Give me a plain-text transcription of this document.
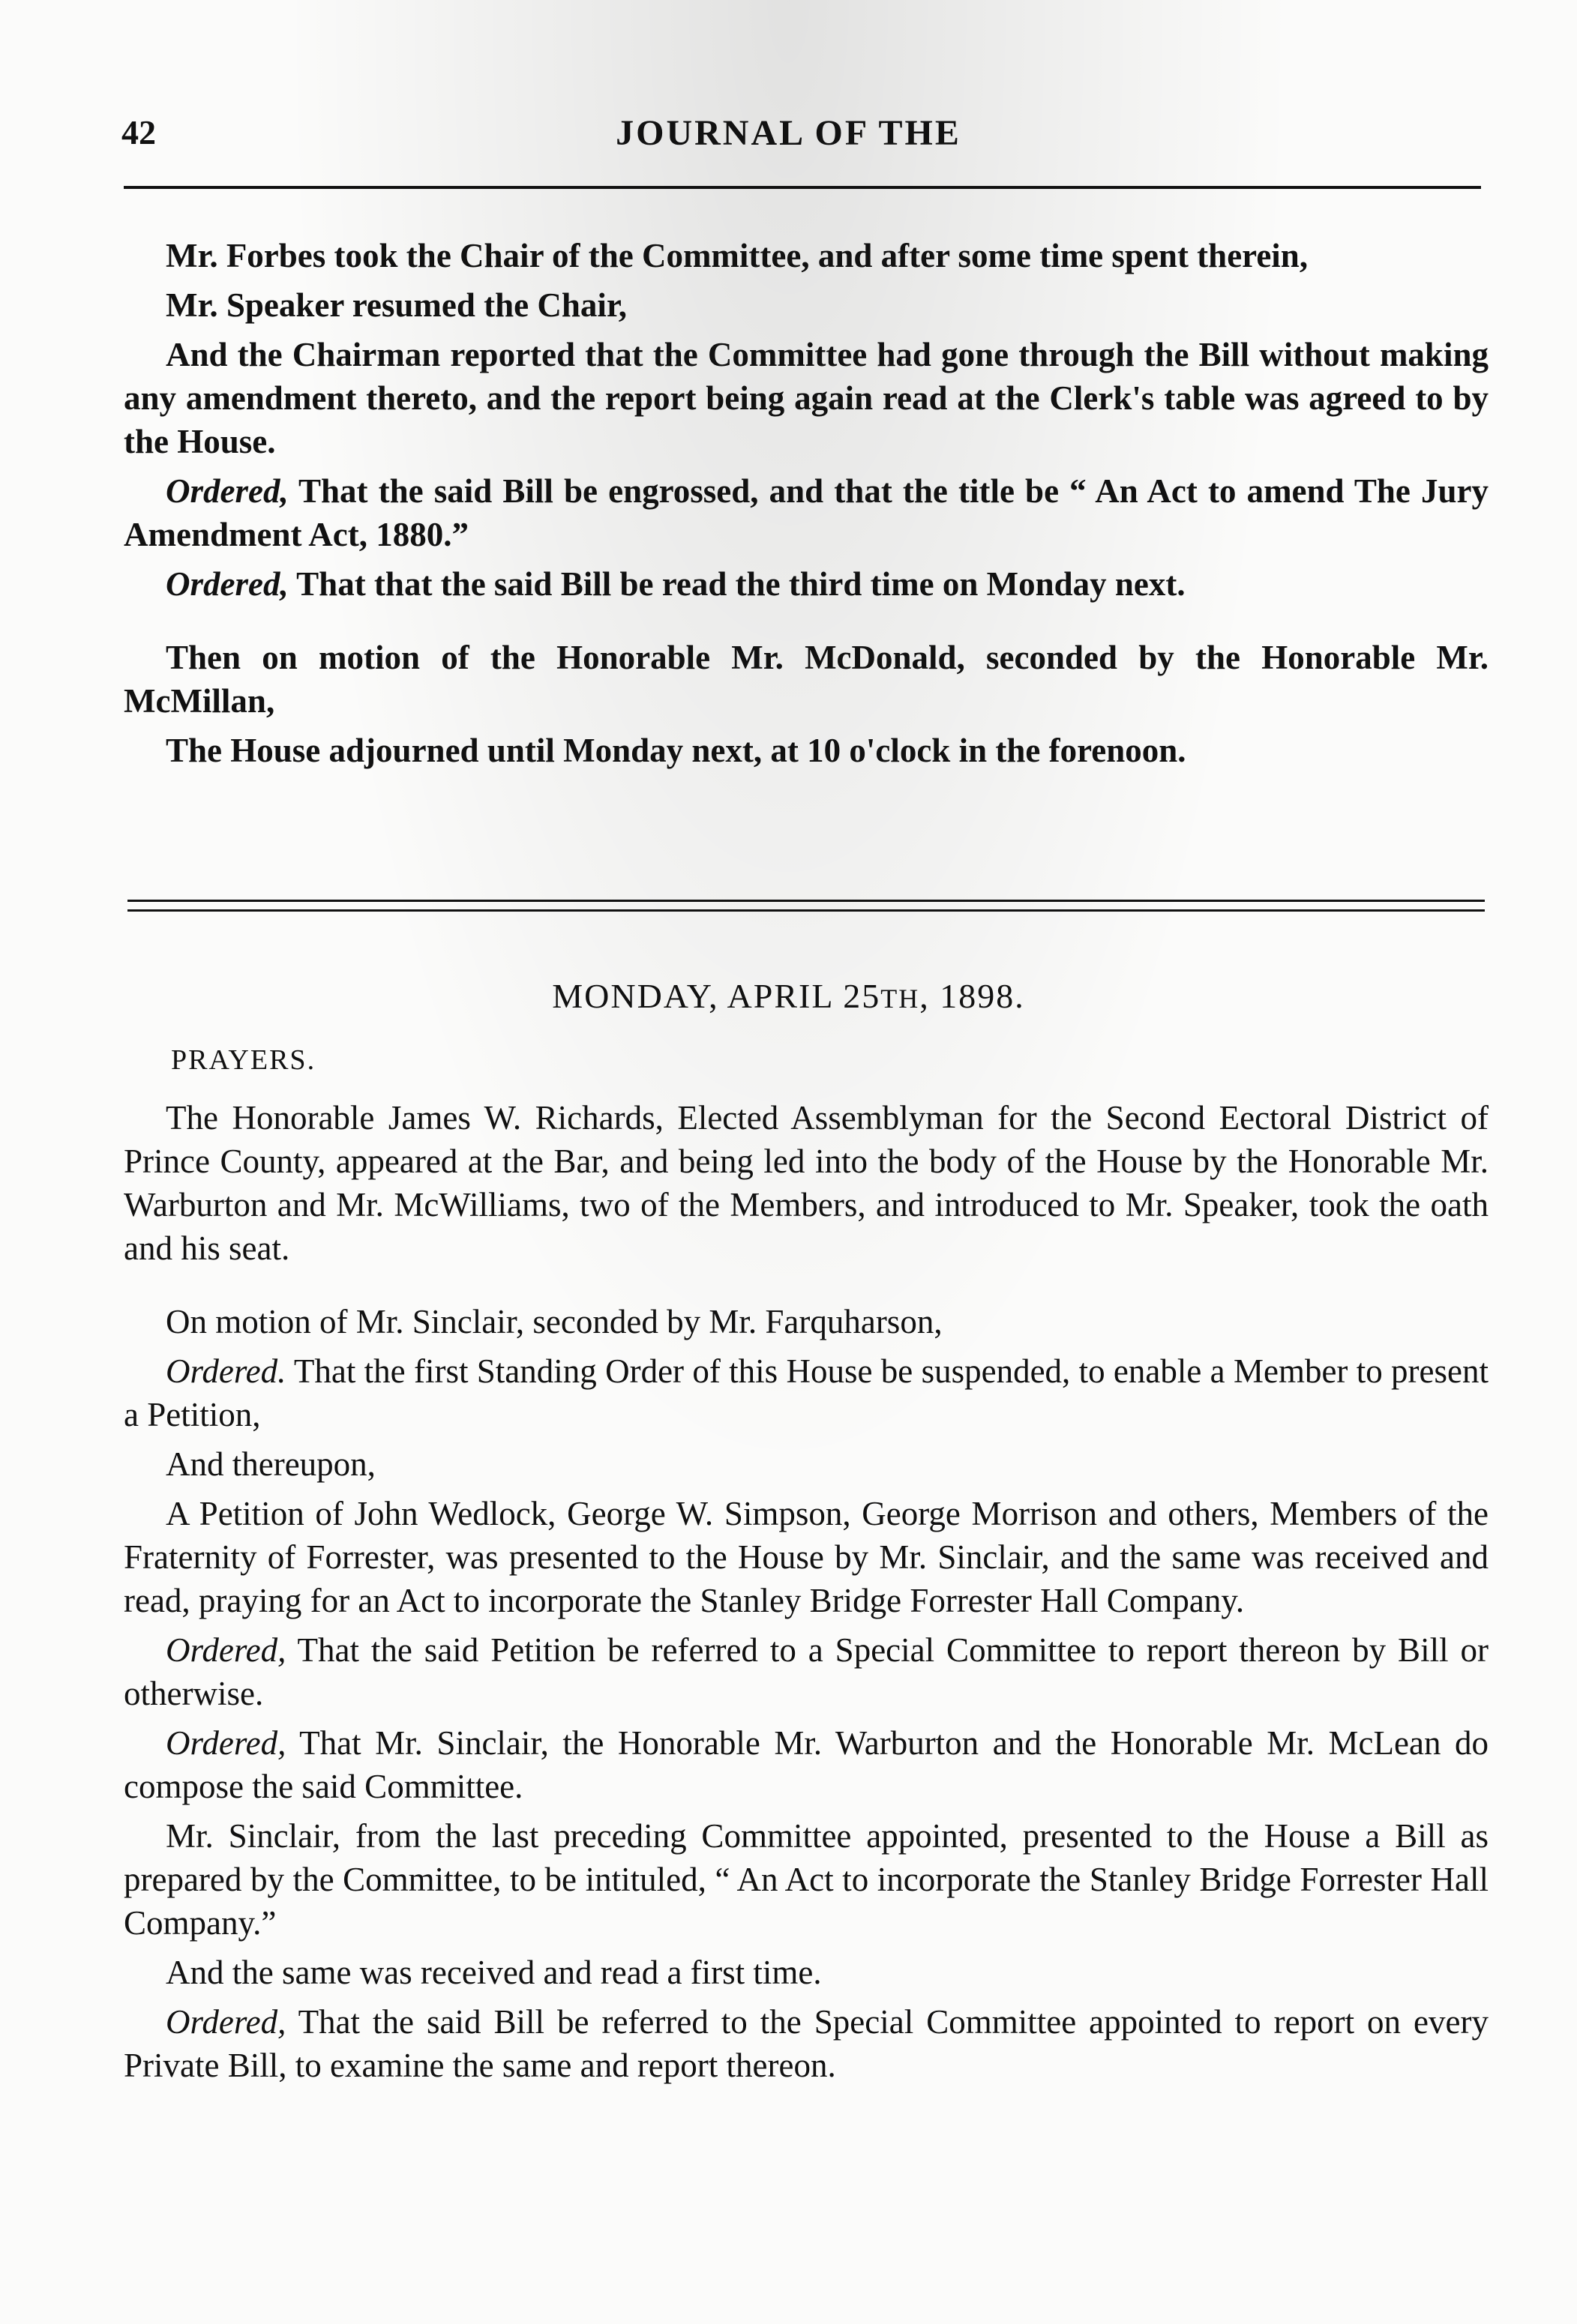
42	JOURNAL OF THE

Mr. Forbes took the Chair of the Committee, and after some time spent therein,

Mr. Speaker resumed the Chair,

And the Chairman reported that the Committee had gone through the Bill without making any amendment thereto, and the report being again read at the Clerk's table was agreed to by the House.

Ordered, That the said Bill be engrossed, and that the title be “ An Act to amend The Jury Amendment Act, 1880.”

Ordered, That that the said Bill be read the third time on Monday next.

Then on motion of the Honorable Mr. McDonald, seconded by the Honorable Mr. McMillan,

The House adjourned until Monday next, at 10 o'clock in the forenoon.

MONDAY, APRIL 25TH, 1898.
PRAYERS.

The Honorable James W. Richards, Elected Assemblyman for the Second Eectoral District of Prince County, appeared at the Bar, and being led into the body of the House by the Honorable Mr. Warburton and Mr. McWilliams, two of the Members, and introduced to Mr. Speaker, took the oath and his seat.

On motion of Mr. Sinclair, seconded by Mr. Farquharson,

Ordered. That the first Standing Order of this House be suspended, to enable a Member to present a Petition,

And thereupon,

A Petition of John Wedlock, George W. Simpson, George Morrison and others, Members of the Fraternity of Forrester, was presented to the House by Mr. Sinclair, and the same was received and read, praying for an Act to incorporate the Stanley Bridge Forrester Hall Company.

Ordered, That the said Petition be referred to a Special Committee to report thereon by Bill or otherwise.

Ordered, That Mr. Sinclair, the Honorable Mr. Warburton and the Honorable Mr. McLean do compose the said Committee.

Mr. Sinclair, from the last preceding Committee appointed, presented to the House a Bill as prepared by the Committee, to be intituled, “ An Act to incorporate the Stanley Bridge Forrester Hall Company.”

And the same was received and read a first time.

Ordered, That the said Bill be referred to the Special Committee appointed to report on every Private Bill, to examine the same and report thereon.
